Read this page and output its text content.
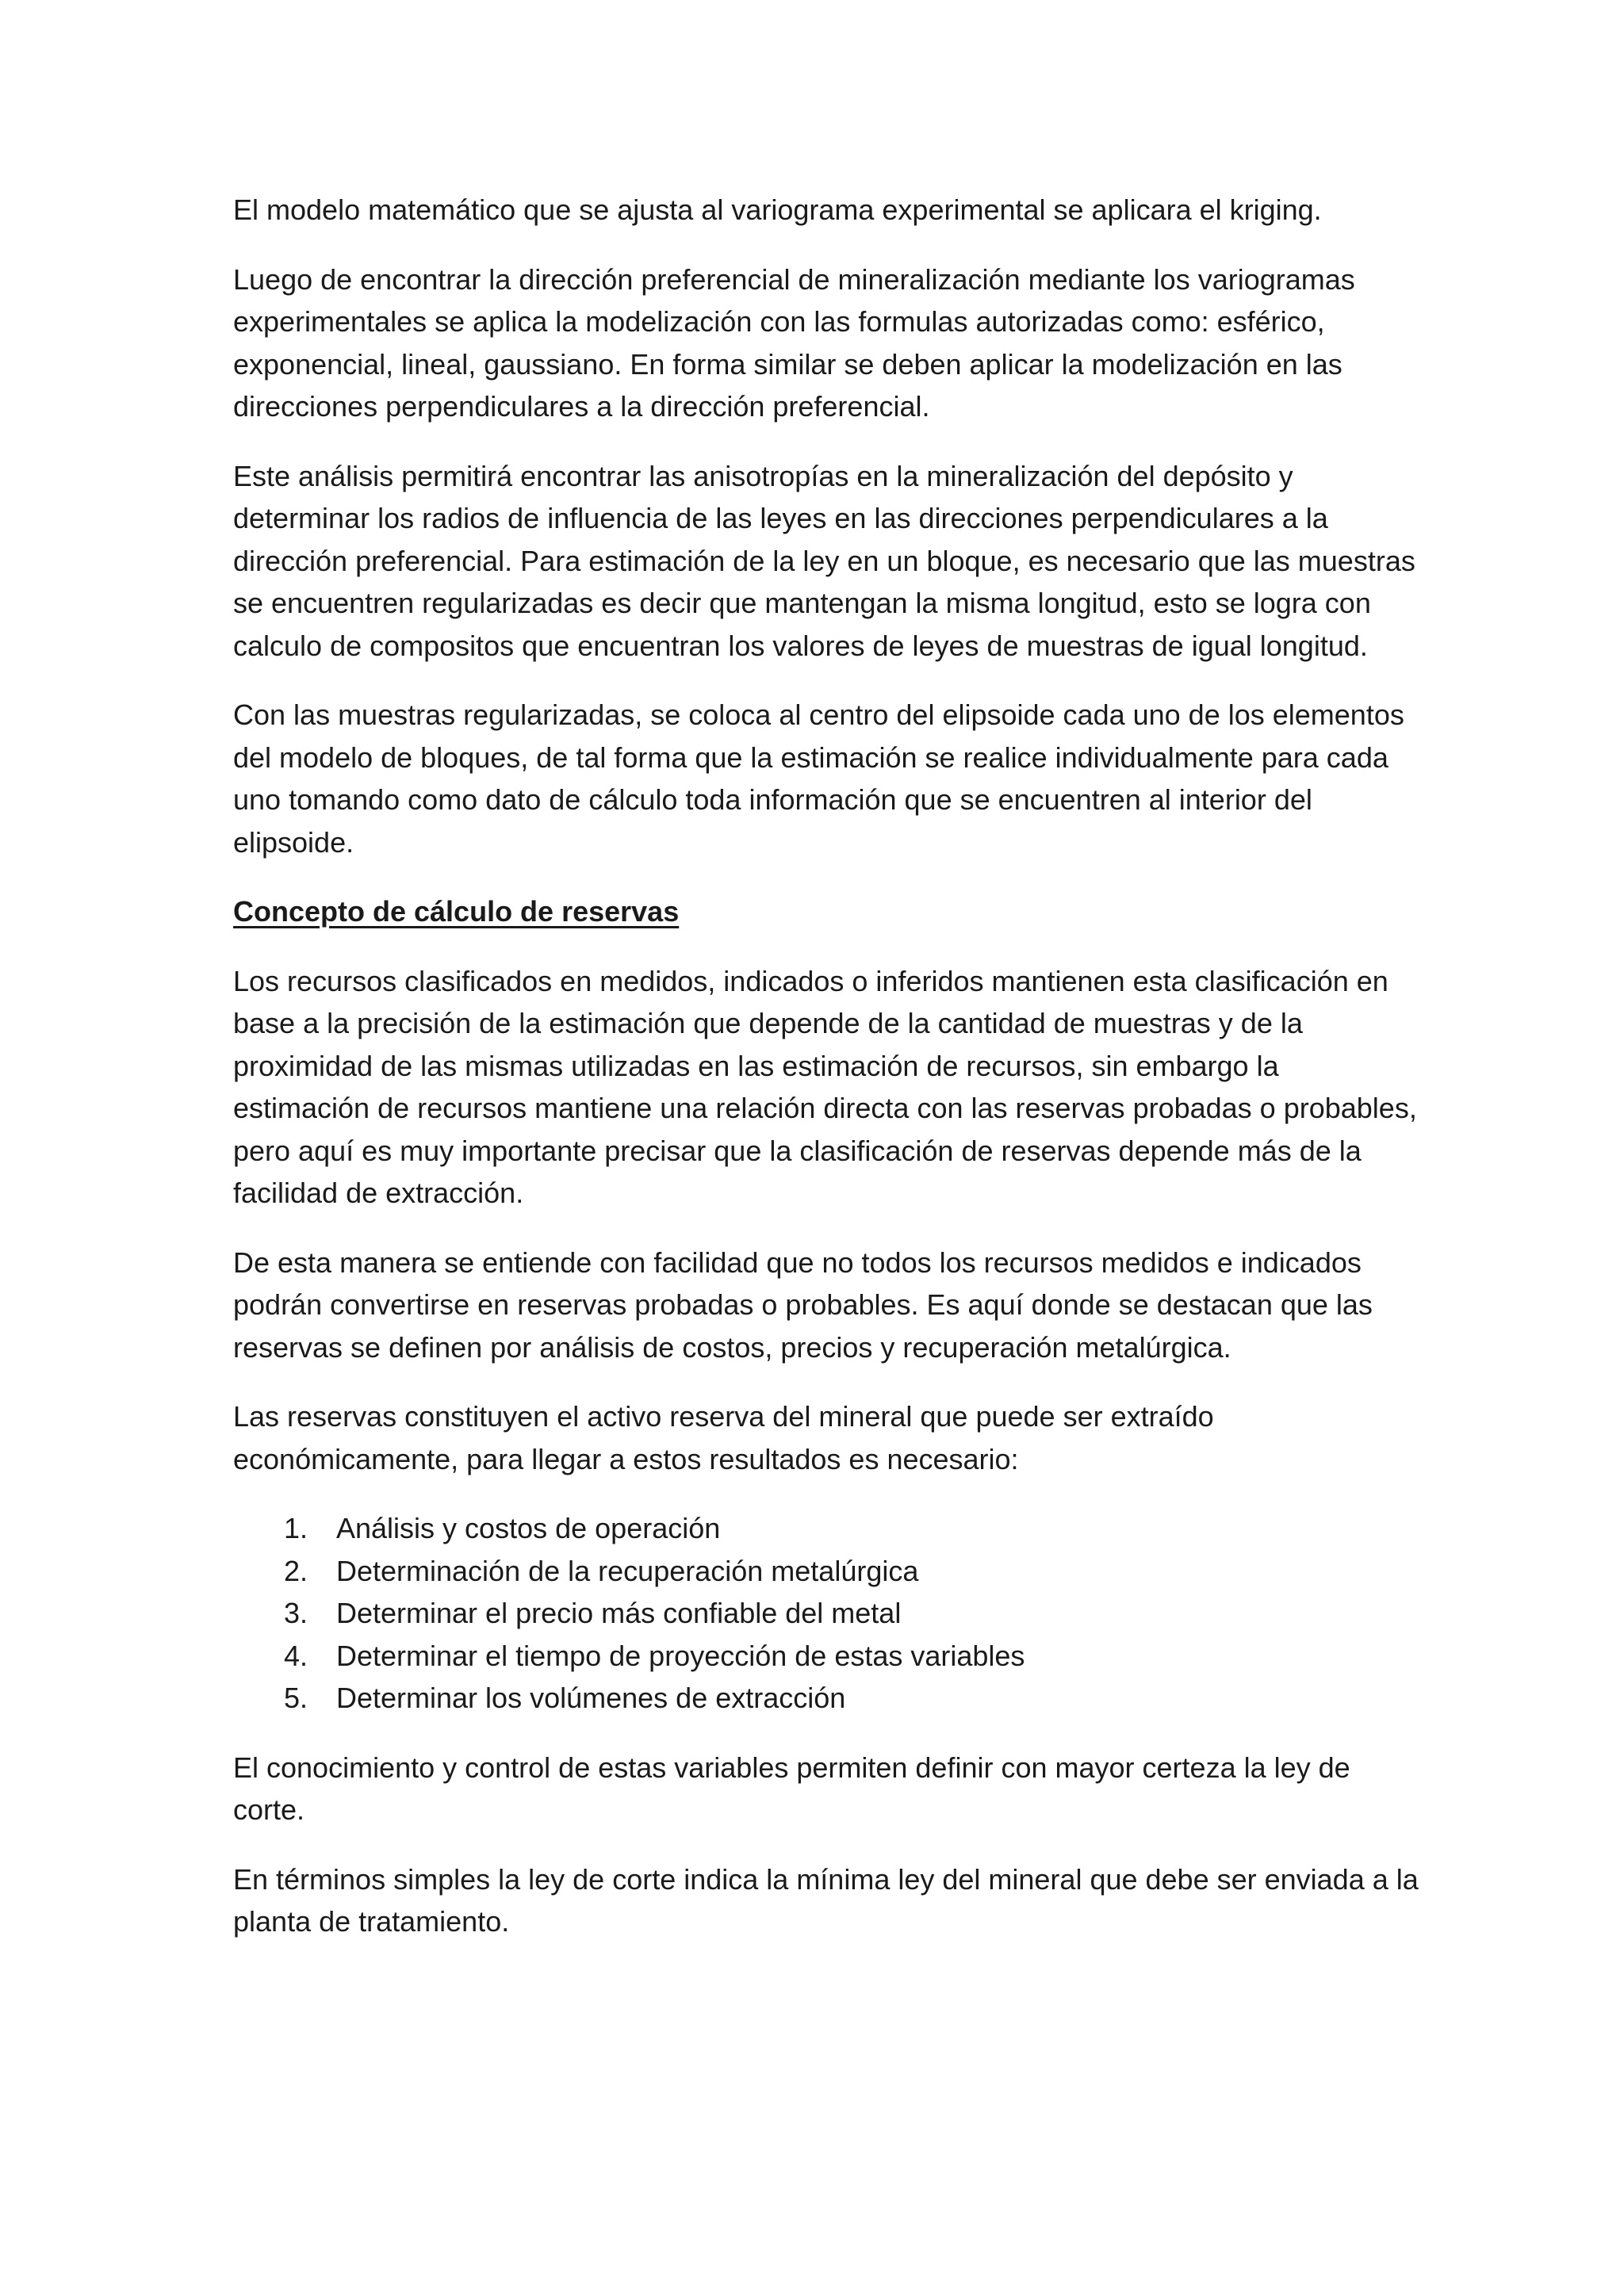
El modelo matemático que se ajusta al variograma experimental se aplicara el kriging.

Luego de encontrar la dirección preferencial de mineralización mediante los variogramas experimentales se aplica la modelización con las formulas autorizadas como: esférico, exponencial, lineal, gaussiano. En forma similar se deben aplicar la modelización en las direcciones perpendiculares a la dirección preferencial.

Este análisis permitirá encontrar las anisotropías en la mineralización del depósito y determinar los radios de influencia de las leyes en las direcciones perpendiculares a la dirección preferencial. Para estimación de la ley en un bloque, es necesario que las muestras se encuentren regularizadas es decir que mantengan la misma longitud, esto se logra con calculo de compositos que encuentran los valores de leyes de muestras de igual longitud.

Con las muestras regularizadas, se coloca al centro del elipsoide cada uno de los elementos del modelo de bloques, de tal forma que la estimación se realice individualmente para cada uno tomando como dato de cálculo toda información que se encuentren al interior del elipsoide.

Concepto de cálculo de reservas

Los recursos clasificados en medidos, indicados o inferidos mantienen esta clasificación en base a la precisión de la estimación que depende de la cantidad de muestras y de la proximidad de las mismas utilizadas en las estimación de recursos, sin embargo la estimación de recursos mantiene una relación directa con las reservas probadas o probables, pero aquí es muy importante precisar que la clasificación de reservas depende más de la facilidad de extracción.

De esta manera se entiende con facilidad que no todos los recursos medidos e indicados podrán convertirse en reservas probadas o probables. Es aquí donde se destacan que las reservas se definen por análisis de costos, precios y recuperación metalúrgica.

Las reservas constituyen el activo reserva del mineral que puede ser extraído económicamente, para llegar a estos resultados es necesario:

1. Análisis y costos de operación
2. Determinación de la recuperación metalúrgica
3. Determinar el precio más confiable del metal
4. Determinar el tiempo de proyección de estas variables
5. Determinar los volúmenes de extracción

El conocimiento y control de estas variables permiten definir con mayor certeza la ley de corte.

En términos simples la ley de corte indica la mínima ley del mineral que debe ser enviada a la planta de tratamiento.
